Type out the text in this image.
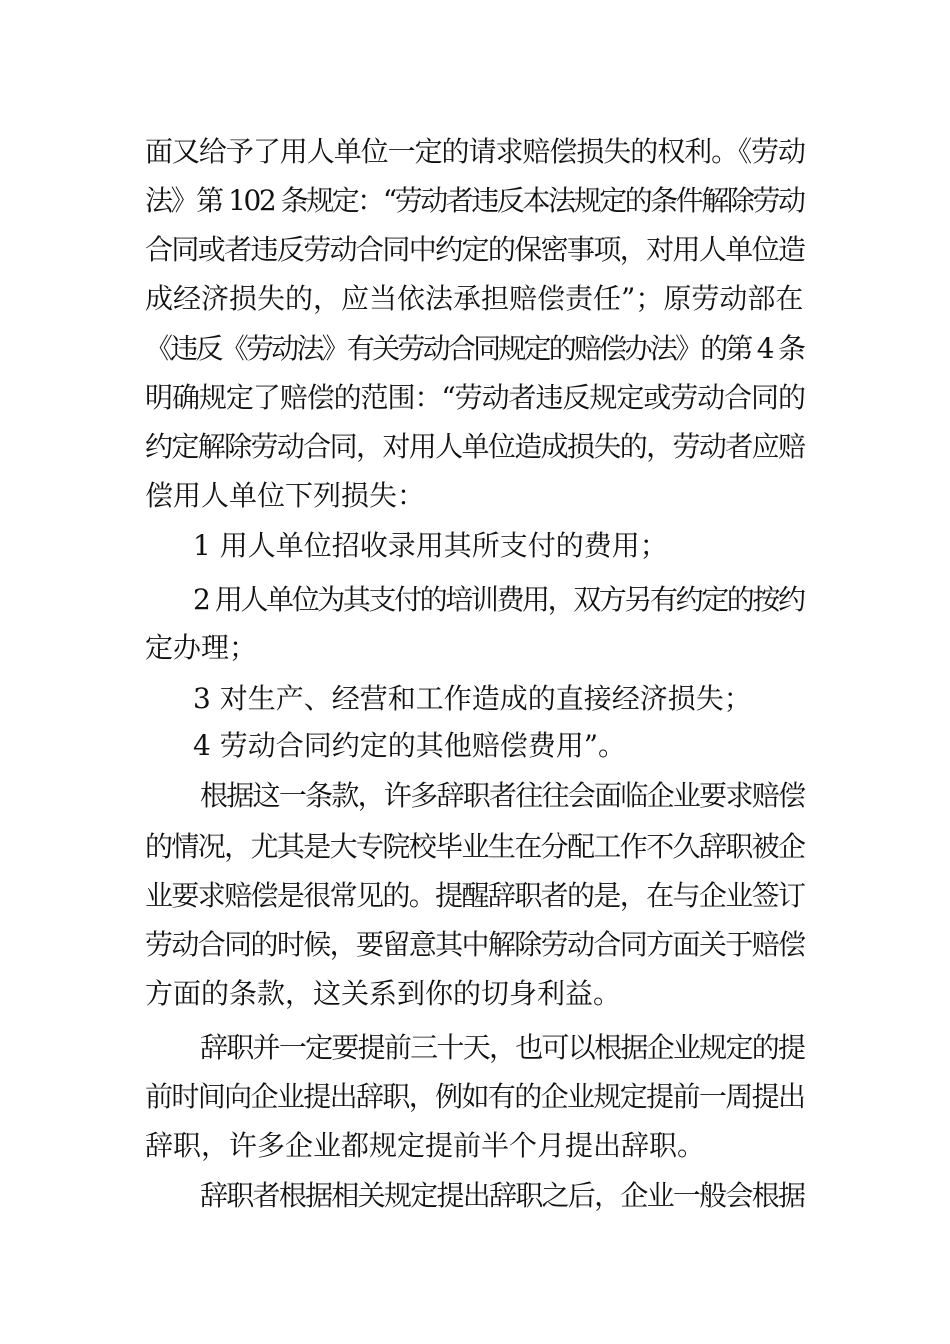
面又给予了用人单位一定的请求赔偿损失的权利。《劳动
法》第 102 条规定：“劳动者违反本法规定的条件解除劳动
合同或者违反劳动合同中约定的保密事项，对用人单位造
成经济损失的，应当依法承担赔偿责任”；原劳动部在
《违反《劳动法》有关劳动合同规定的赔偿办法》的第 4 条
明确规定了赔偿的范围：“劳动者违反规定或劳动合同的
约定解除劳动合同，对用人单位造成损失的，劳动者应赔
偿用人单位下列损失：
1 用人单位招收录用其所支付的费用；
2 用人单位为其支付的培训费用，双方另有约定的按约
定办理；
3 对生产、经营和工作造成的直接经济损失；
4 劳动合同约定的其他赔偿费用”。
根据这一条款，许多辞职者往往会面临企业要求赔偿
的情况，尤其是大专院校毕业生在分配工作不久辞职被企
业要求赔偿是很常见的。提醒辞职者的是，在与企业签订
劳动合同的时候，要留意其中解除劳动合同方面关于赔偿
方面的条款，这关系到你的切身利益。
辞职并一定要提前三十天，也可以根据企业规定的提
前时间向企业提出辞职，例如有的企业规定提前一周提出
辞职，许多企业都规定提前半个月提出辞职。
辞职者根据相关规定提出辞职之后，企业一般会根据
